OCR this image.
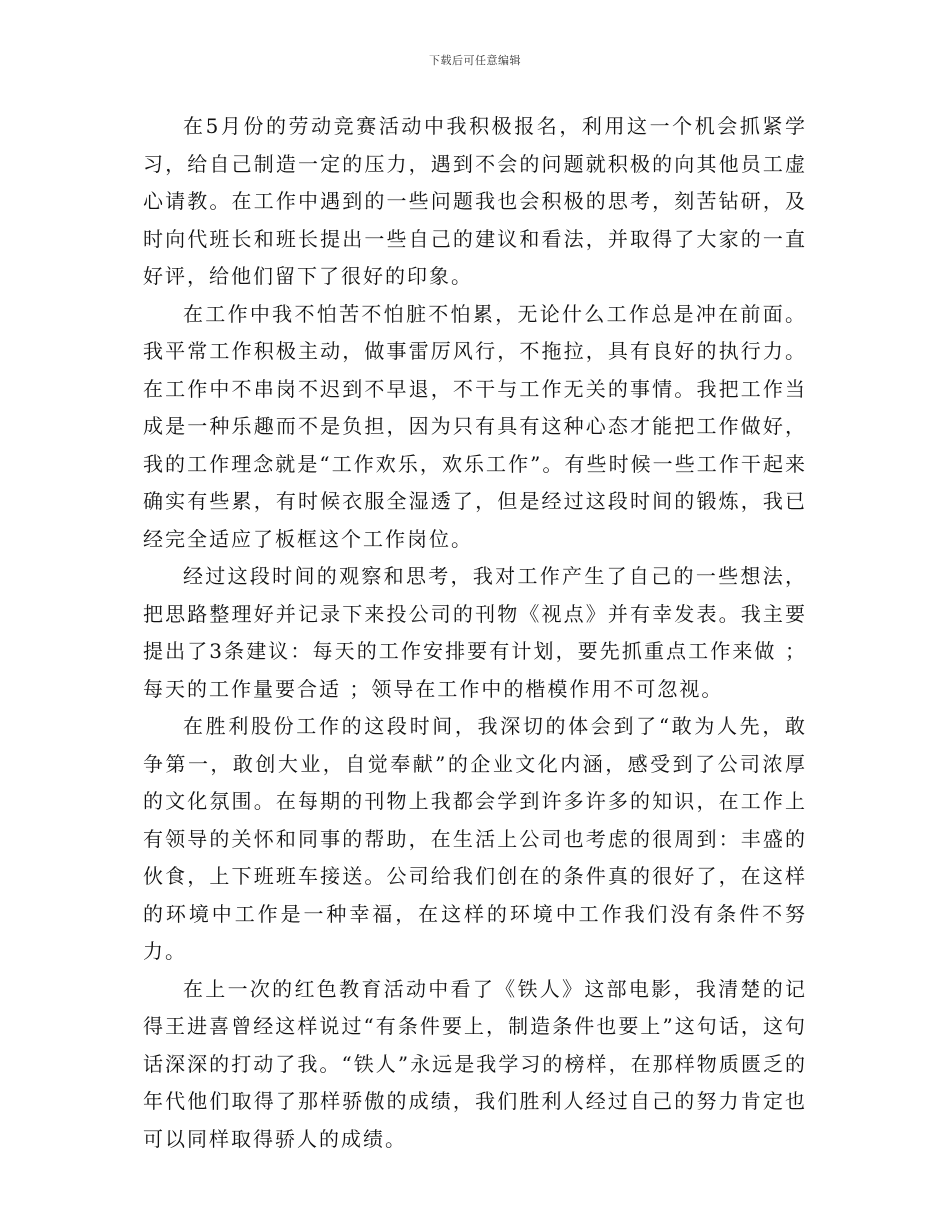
下载后可任意编辑

在5月份的劳动竞赛活动中我积极报名，利用这一个机会抓紧学习，给自己制造一定的压力，遇到不会的问题就积极的向其他员工虚心请教。在工作中遇到的一些问题我也会积极的思考，刻苦钻研，及时向代班长和班长提出一些自己的建议和看法，并取得了大家的一直好评，给他们留下了很好的印象。

在工作中我不怕苦不怕脏不怕累，无论什么工作总是冲在前面。我平常工作积极主动，做事雷厉风行，不拖拉，具有良好的执行力。在工作中不串岗不迟到不早退，不干与工作无关的事情。我把工作当成是一种乐趣而不是负担，因为只有具有这种心态才能把工作做好，我的工作理念就是“工作欢乐，欢乐工作”。有些时候一些工作干起来确实有些累，有时候衣服全湿透了，但是经过这段时间的锻炼，我已经完全适应了板框这个工作岗位。

经过这段时间的观察和思考，我对工作产生了自己的一些想法，把思路整理好并记录下来投公司的刊物《视点》并有幸发表。我主要提出了3条建议：每天的工作安排要有计划，要先抓重点工作来做 ；每天的工作量要合适 ；领导在工作中的楷模作用不可忽视。

在胜利股份工作的这段时间，我深切的体会到了“敢为人先，敢争第一，敢创大业，自觉奉献”的企业文化内涵，感受到了公司浓厚的文化氛围。在每期的刊物上我都会学到许多许多的知识，在工作上有领导的关怀和同事的帮助，在生活上公司也考虑的很周到：丰盛的伙食，上下班班车接送。公司给我们创在的条件真的很好了，在这样的环境中工作是一种幸福，在这样的环境中工作我们没有条件不努力。

在上一次的红色教育活动中看了《铁人》这部电影，我清楚的记得王进喜曾经这样说过“有条件要上，制造条件也要上”这句话，这句话深深的打动了我。“铁人”永远是我学习的榜样，在那样物质匮乏的年代他们取得了那样骄傲的成绩，我们胜利人经过自己的努力肯定也可以同样取得骄人的成绩。
